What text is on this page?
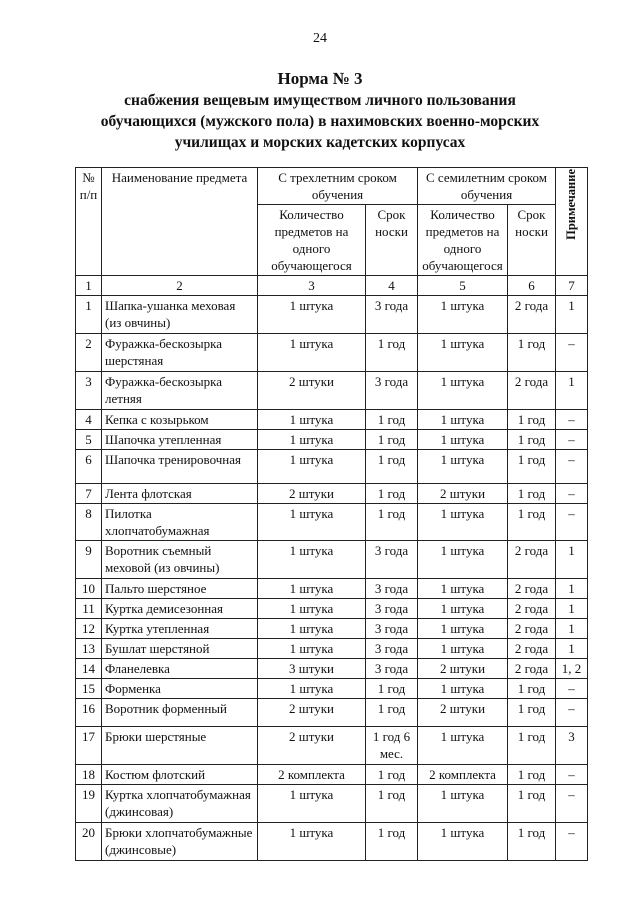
24
Норма № 3
снабжения вещевым имуществом личного пользования
обучающихся (мужского пола) в нахимовских военно-морских
училищах и морских кадетских корпусах
№ п/п	Наименование предмета	С трехлетним сроком обучения		С семилетним сроком обучения		Примечание
		Количество предметов на одного обучающегося	Срок носки	Количество предметов на одного обучающегося	Срок носки	
1	2	3	4	5	6	7
1	Шапка-ушанка меховая (из овчины)	1 штука	3 года	1 штука	2 года	1
2	Фуражка-бескозырка шерстяная	1 штука	1 год	1 штука	1 год	–
3	Фуражка-бескозырка летняя	2 штуки	3 года	1 штука	2 года	1
4	Кепка с козырьком	1 штука	1 год	1 штука	1 год	–
5	Шапочка утепленная	1 штука	1 год	1 штука	1 год	–
6	Шапочка тренировочная	1 штука	1 год	1 штука	1 год	–
7	Лента флотская	2 штуки	1 год	2 штуки	1 год	–
8	Пилотка хлопчатобумажная	1 штука	1 год	1 штука	1 год	–
9	Воротник съемный меховой (из овчины)	1 штука	3 года	1 штука	2 года	1
10	Пальто шерстяное	1 штука	3 года	1 штука	2 года	1
11	Куртка демисезонная	1 штука	3 года	1 штука	2 года	1
12	Куртка утепленная	1 штука	3 года	1 штука	2 года	1
13	Бушлат шерстяной	1 штука	3 года	1 штука	2 года	1
14	Фланелевка	3 штуки	3 года	2 штуки	2 года	1, 2
15	Форменка	1 штука	1 год	1 штука	1 год	–
16	Воротник форменный	2 штуки	1 год	2 штуки	1 год	–
17	Брюки шерстяные	2 штуки	1 год 6 мес.	1 штука	1 год	3
18	Костюм флотский	2 комплекта	1 год	2 комплекта	1 год	–
19	Куртка хлопчатобумажная (джинсовая)	1 штука	1 год	1 штука	1 год	–
20	Брюки хлопчатобумажные (джинсовые)	1 штука	1 год	1 штука	1 год	–
